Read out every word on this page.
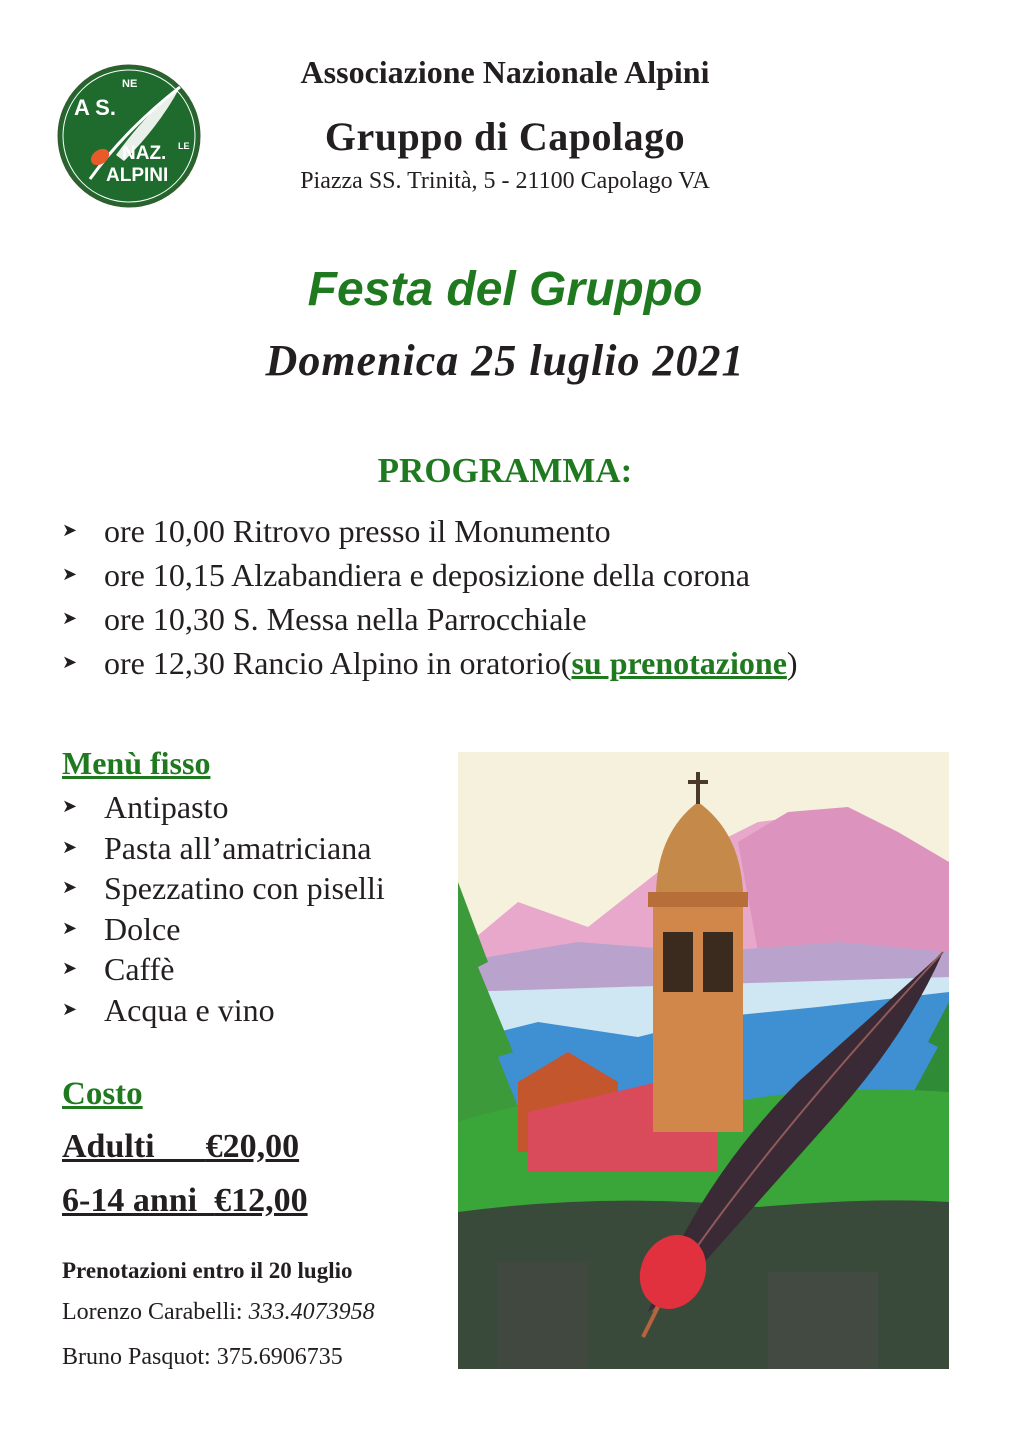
A S.
NE
NAZ. LE
ALPINI
Associazione Nazionale Alpini
Gruppo di Capolago
Piazza SS. Trinità, 5 - 21100 Capolago VA
Festa del Gruppo
Domenica 25 luglio 2021
PROGRAMMA:
➤ ore 10,00 Ritrovo presso il Monumento
➤ ore 10,15 Alzabandiera e deposizione della corona
➤ ore 10,30 S. Messa nella Parrocchiale
➤ ore 12,30 Rancio Alpino in oratorio(su prenotazione)
Menù fisso
➤ Antipasto
➤ Pasta all’amatriciana
➤ Spezzatino con piselli
➤ Dolce
➤ Caffè
➤ Acqua e vino
Costo
Adulti      €20,00
6-14 anni  €12,00
Prenotazioni entro il 20 luglio
Lorenzo Carabelli: 333.4073958
Bruno Pasquot: 375.6906735
